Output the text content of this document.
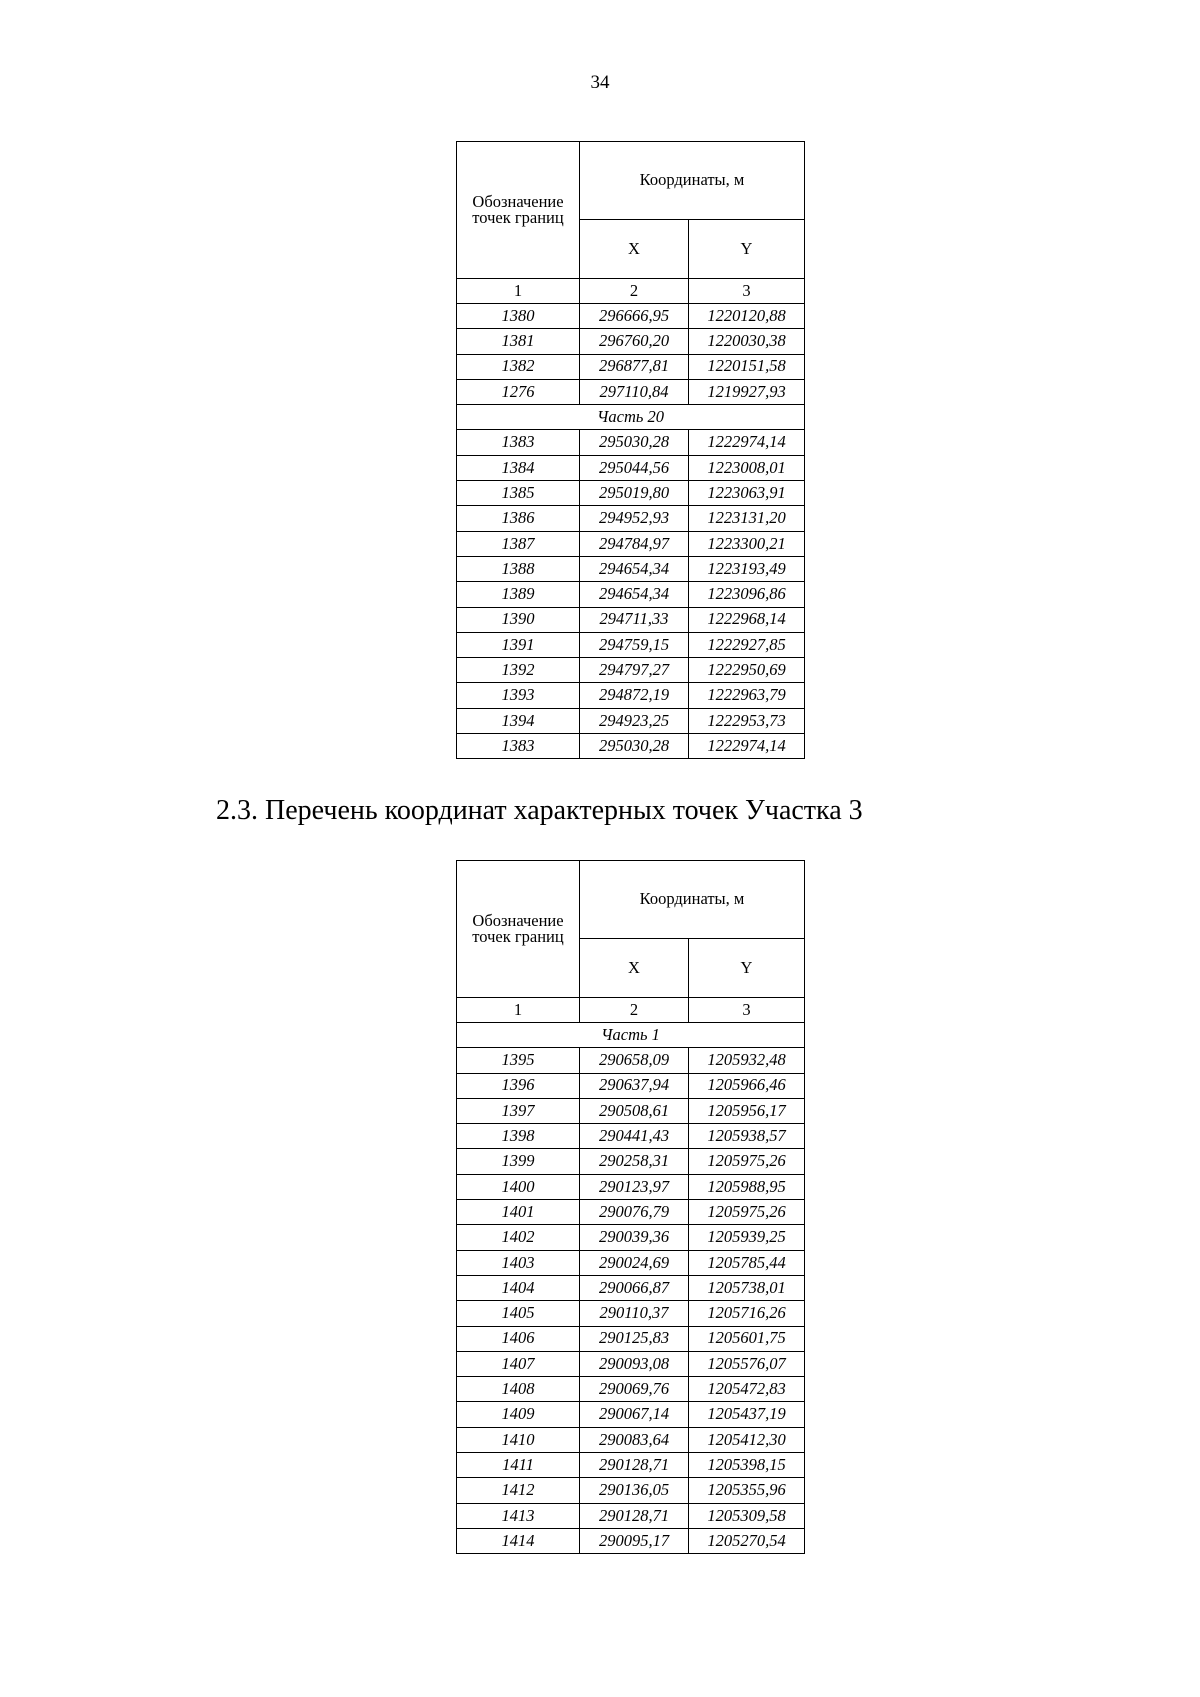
34
Обозначение точек границ	Координаты, м	
	X	Y
1	2	3
1380	296666,95	1220120,88
1381	296760,20	1220030,38
1382	296877,81	1220151,58
1276	297110,84	1219927,93
Часть 20		
1383	295030,28	1222974,14
1384	295044,56	1223008,01
1385	295019,80	1223063,91
1386	294952,93	1223131,20
1387	294784,97	1223300,21
1388	294654,34	1223193,49
1389	294654,34	1223096,86
1390	294711,33	1222968,14
1391	294759,15	1222927,85
1392	294797,27	1222950,69
1393	294872,19	1222963,79
1394	294923,25	1222953,73
1383	295030,28	1222974,14
2.3. Перечень координат характерных точек Участка 3
Обозначение точек границ	Координаты, м	
	X	Y
1	2	3
Часть 1		
1395	290658,09	1205932,48
1396	290637,94	1205966,46
1397	290508,61	1205956,17
1398	290441,43	1205938,57
1399	290258,31	1205975,26
1400	290123,97	1205988,95
1401	290076,79	1205975,26
1402	290039,36	1205939,25
1403	290024,69	1205785,44
1404	290066,87	1205738,01
1405	290110,37	1205716,26
1406	290125,83	1205601,75
1407	290093,08	1205576,07
1408	290069,76	1205472,83
1409	290067,14	1205437,19
1410	290083,64	1205412,30
1411	290128,71	1205398,15
1412	290136,05	1205355,96
1413	290128,71	1205309,58
1414	290095,17	1205270,54
